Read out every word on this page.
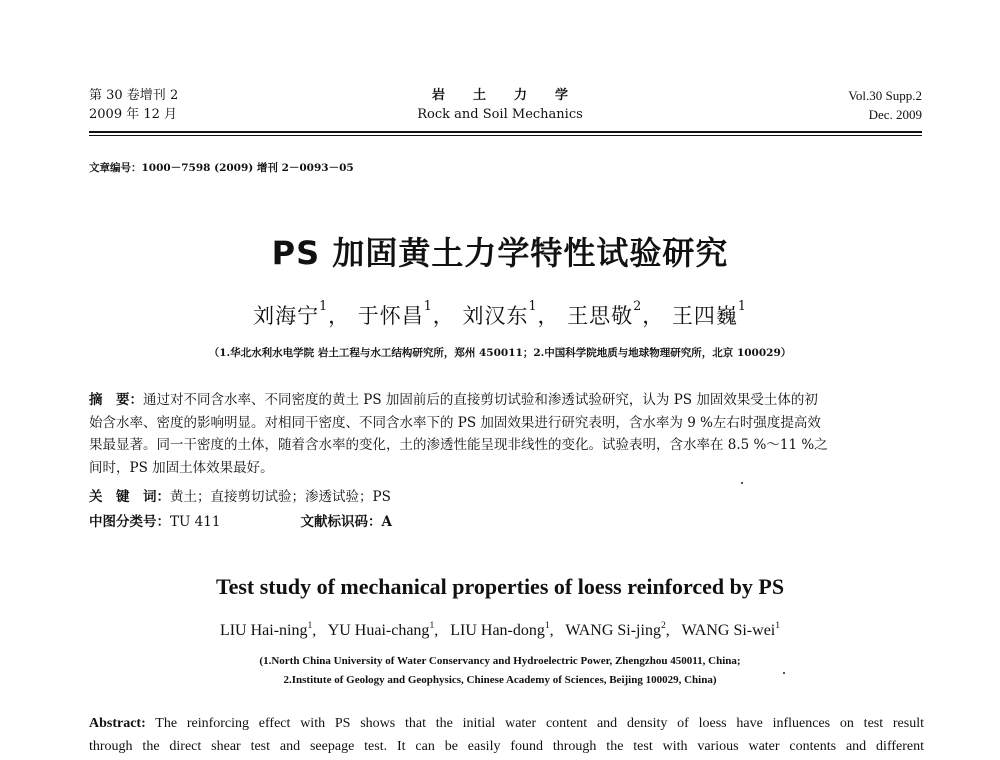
第 30 卷增刊 2
2009 年 12 月
岩土力学
Rock and Soil Mechanics
Vol.30 Supp.2
Dec. 2009
文章编号：1000－7598 (2009) 增刊 2－0093－05
PS 加固黄土力学特性试验研究
刘海宁$^1$， 于怀昌$^1$， 刘汉东$^1$， 王思敬$^2$， 王四巍$^1$
（1.华北水利水电学院 岩土工程与水工结构研究所，郑州 450011；2.中国科学院地质与地球物理研究所，北京 100029）
摘　要：通过对不同含水率、不同密度的黄土 PS 加固前后的直接剪切试验和渗透试验研究，认为 PS 加固效果受土体的初
始含水率、密度的影响明显。对相同干密度、不同含水率下的 PS 加固效果进行研究表明，含水率为 9 %左右时强度提高效
果最显著。同一干密度的土体，随着含水率的变化，土的渗透性能呈现非线性的变化。试验表明，含水率在 8.5 %～11 %之
间时，PS 加固土体效果最好。
关　键　词：黄土；直接剪切试验；渗透试验；PS
中图分类号：TU 411	文献标识码：A
Test study of mechanical properties of loess reinforced by PS
LIU Hai-ning$^1$,   YU Huai-chang$^1$,   LIU Han-dong$^1$,   WANG Si-jing$^2$,   WANG Si-wei$^1$
(1.North China University of Water Conservancy and Hydroelectric Power, Zhengzhou 450011, China;
2.Institute of Geology and Geophysics, Chinese Academy of Sciences, Beijing 100029, China)
Abstract: The reinforcing effect with PS shows that the initial water content and density of loess have influences on test result
through the direct shear test and seepage test. It can be easily found through the test with various water contents and different
